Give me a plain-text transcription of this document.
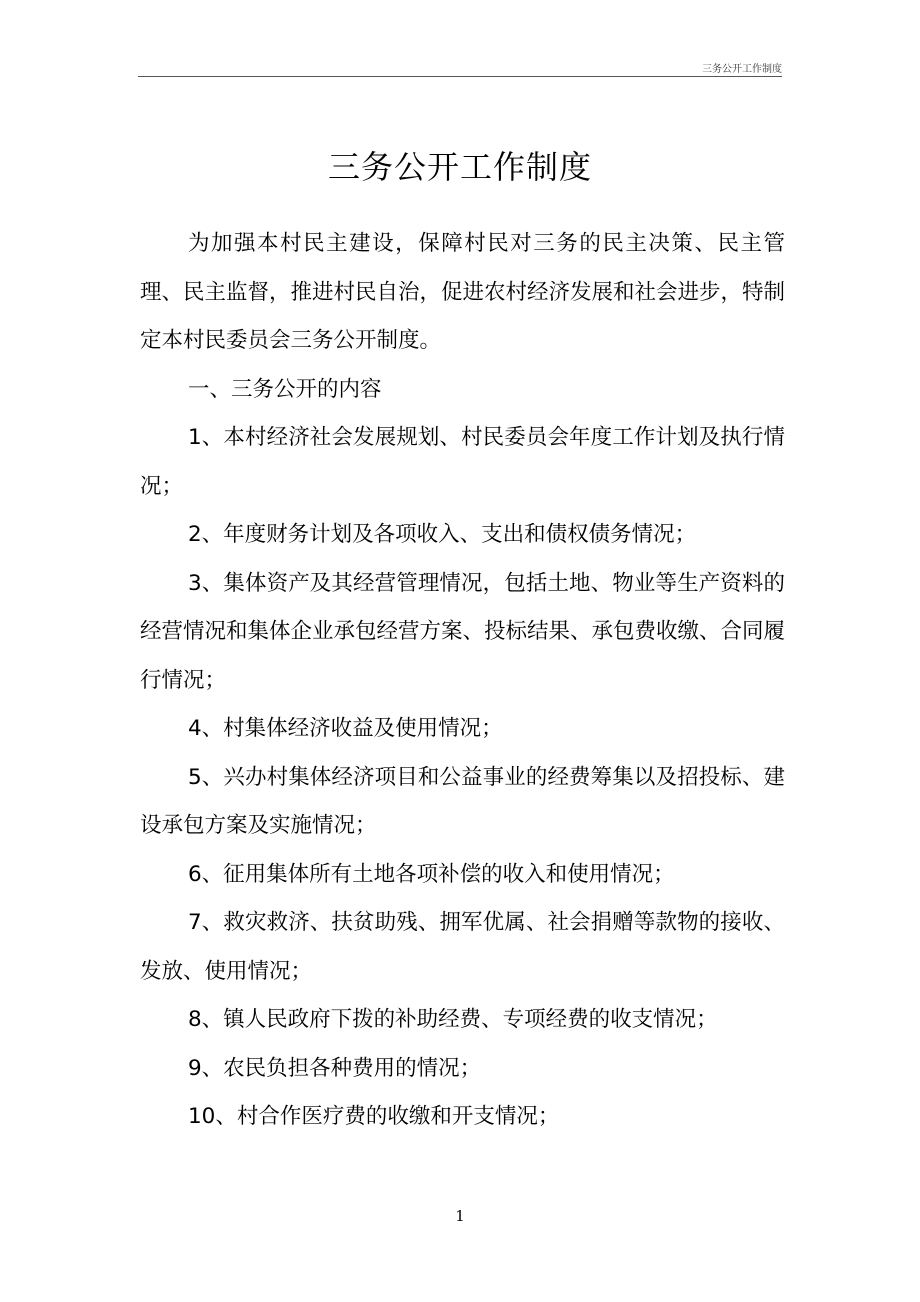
三务公开工作制度
三务公开工作制度

为加强本村民主建设，保障村民对三务的民主决策、民主管理、民主监督，推进村民自治，促进农村经济发展和社会进步，特制定本村民委员会三务公开制度。

一、三务公开的内容

1、本村经济社会发展规划、村民委员会年度工作计划及执行情况；

2、年度财务计划及各项收入、支出和债权债务情况；

3、集体资产及其经营管理情况，包括土地、物业等生产资料的经营情况和集体企业承包经营方案、投标结果、承包费收缴、合同履行情况；

4、村集体经济收益及使用情况；

5、兴办村集体经济项目和公益事业的经费筹集以及招投标、建设承包方案及实施情况；

6、征用集体所有土地各项补偿的收入和使用情况；

7、救灾救济、扶贫助残、拥军优属、社会捐赠等款物的接收、发放、使用情况；

8、镇人民政府下拨的补助经费、专项经费的收支情况；

9、农民负担各种费用的情况；

10、村合作医疗费的收缴和开支情况；

1
